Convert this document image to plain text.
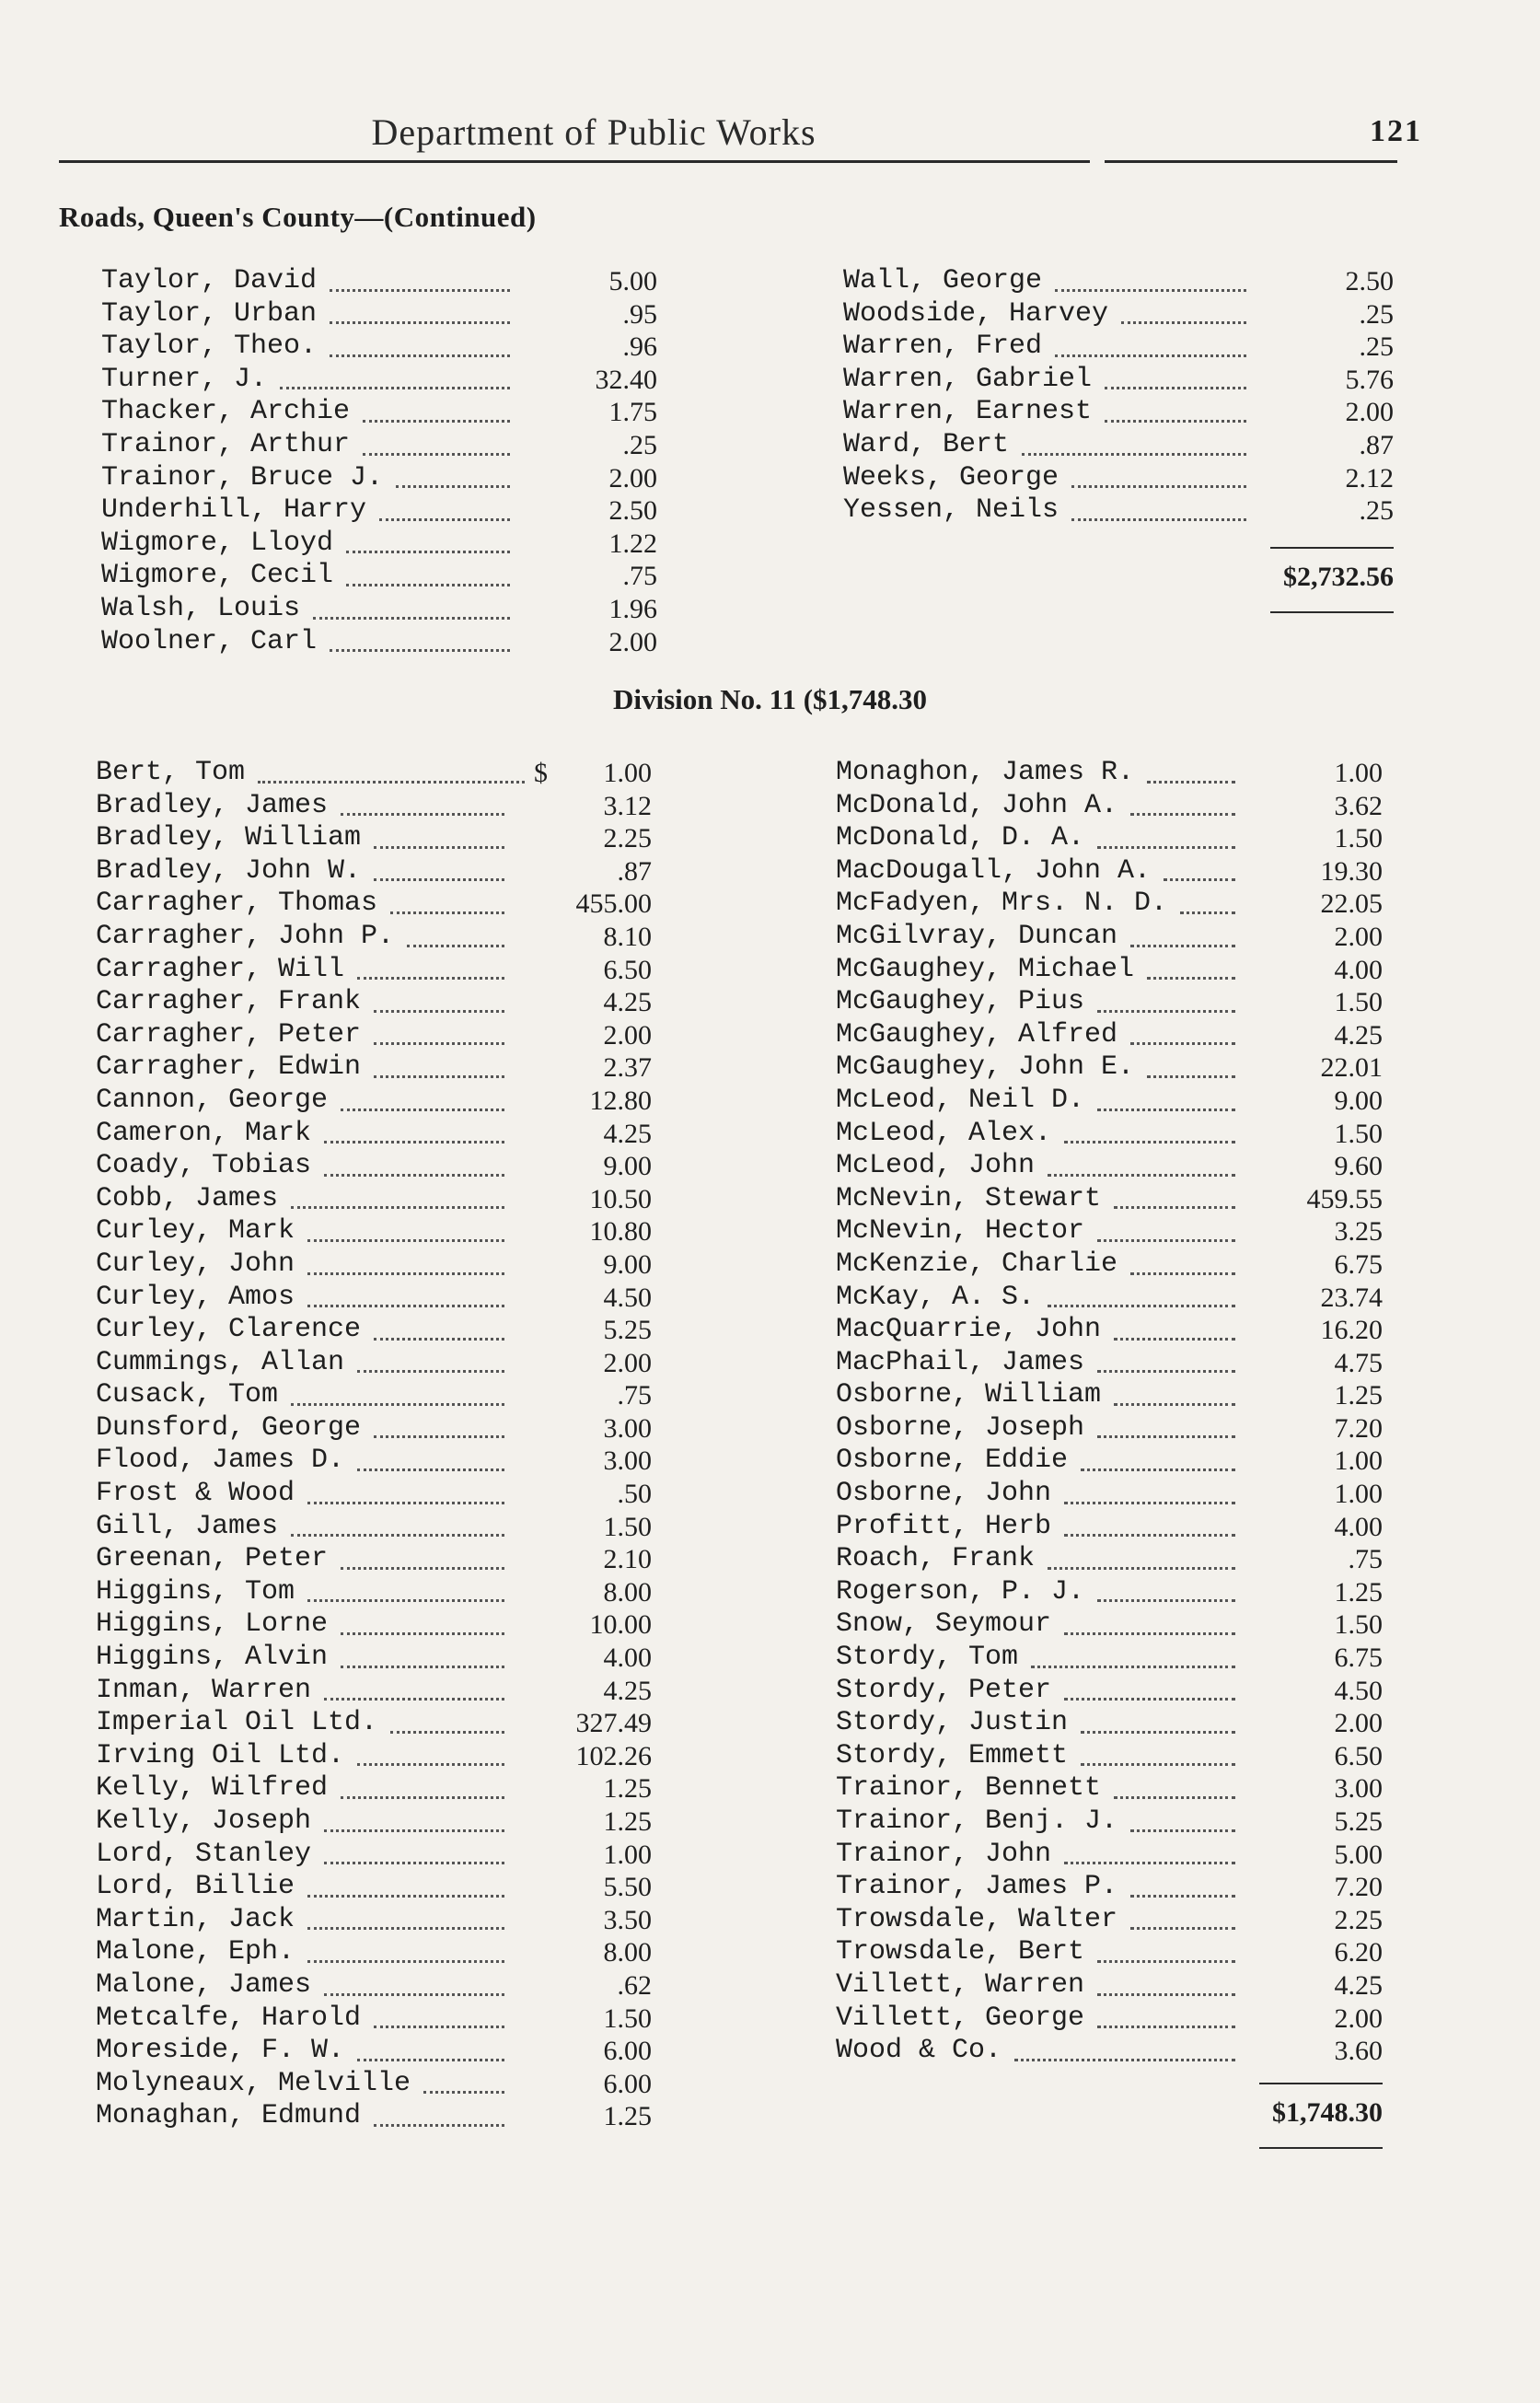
Department of Public Works	121
Roads, Queen's County—(Continued)
Taylor, David	5.00
Taylor, Urban	.95
Taylor, Theo.	.96
Turner, J.	32.40
Thacker, Archie	1.75
Trainor, Arthur	.25
Trainor, Bruce J.	2.00
Underhill, Harry	2.50
Wigmore, Lloyd	1.22
Wigmore, Cecil	.75
Walsh, Louis	1.96
Woolner, Carl	2.00
Wall, George	2.50
Woodside, Harvey	.25
Warren, Fred	.25
Warren, Gabriel	5.76
Warren, Earnest	2.00
Ward, Bert	.87
Weeks, George	2.12
Yessen, Neils	.25
$2,732.56
Division No. 11 ($1,748.30
Bert, Tom	$	1.00
Bradley, James	3.12
Bradley, William	2.25
Bradley, John W.	.87
Carragher, Thomas	455.00
Carragher, John P.	8.10
Carragher, Will	6.50
Carragher, Frank	4.25
Carragher, Peter	2.00
Carragher, Edwin	2.37
Cannon, George	12.80
Cameron, Mark	4.25
Coady, Tobias	9.00
Cobb, James	10.50
Curley, Mark	10.80
Curley, John	9.00
Curley, Amos	4.50
Curley, Clarence	5.25
Cummings, Allan	2.00
Cusack, Tom	.75
Dunsford, George	3.00
Flood, James D.	3.00
Frost & Wood	.50
Gill, James	1.50
Greenan, Peter	2.10
Higgins, Tom	8.00
Higgins, Lorne	10.00
Higgins, Alvin	4.00
Inman, Warren	4.25
Imperial Oil Ltd.	327.49
Irving Oil Ltd.	102.26
Kelly, Wilfred	1.25
Kelly, Joseph	1.25
Lord, Stanley	1.00
Lord, Billie	5.50
Martin, Jack	3.50
Malone, Eph.	8.00
Malone, James	.62
Metcalfe, Harold	1.50
Moreside, F. W.	6.00
Molyneaux, Melville	6.00
Monaghan, Edmund	1.25
Monaghon, James R.	1.00
McDonald, John A.	3.62
McDonald, D. A.	1.50
MacDougall, John A.	19.30
McFadyen, Mrs. N. D.	22.05
McGilvray, Duncan	2.00
McGaughey, Michael	4.00
McGaughey, Pius	1.50
McGaughey, Alfred	4.25
McGaughey, John E.	22.01
McLeod, Neil D.	9.00
McLeod, Alex.	1.50
McLeod, John	9.60
McNevin, Stewart	459.55
McNevin, Hector	3.25
McKenzie, Charlie	6.75
McKay, A. S.	23.74
MacQuarrie, John	16.20
MacPhail, James	4.75
Osborne, William	1.25
Osborne, Joseph	7.20
Osborne, Eddie	1.00
Osborne, John	1.00
Profitt, Herb	4.00
Roach, Frank	.75
Rogerson, P. J.	1.25
Snow, Seymour	1.50
Stordy, Tom	6.75
Stordy, Peter	4.50
Stordy, Justin	2.00
Stordy, Emmett	6.50
Trainor, Bennett	3.00
Trainor, Benj. J.	5.25
Trainor, John	5.00
Trainor, James P.	7.20
Trowsdale, Walter	2.25
Trowsdale, Bert	6.20
Villett, Warren	4.25
Villett, George	2.00
Wood & Co.	3.60
$1,748.30
